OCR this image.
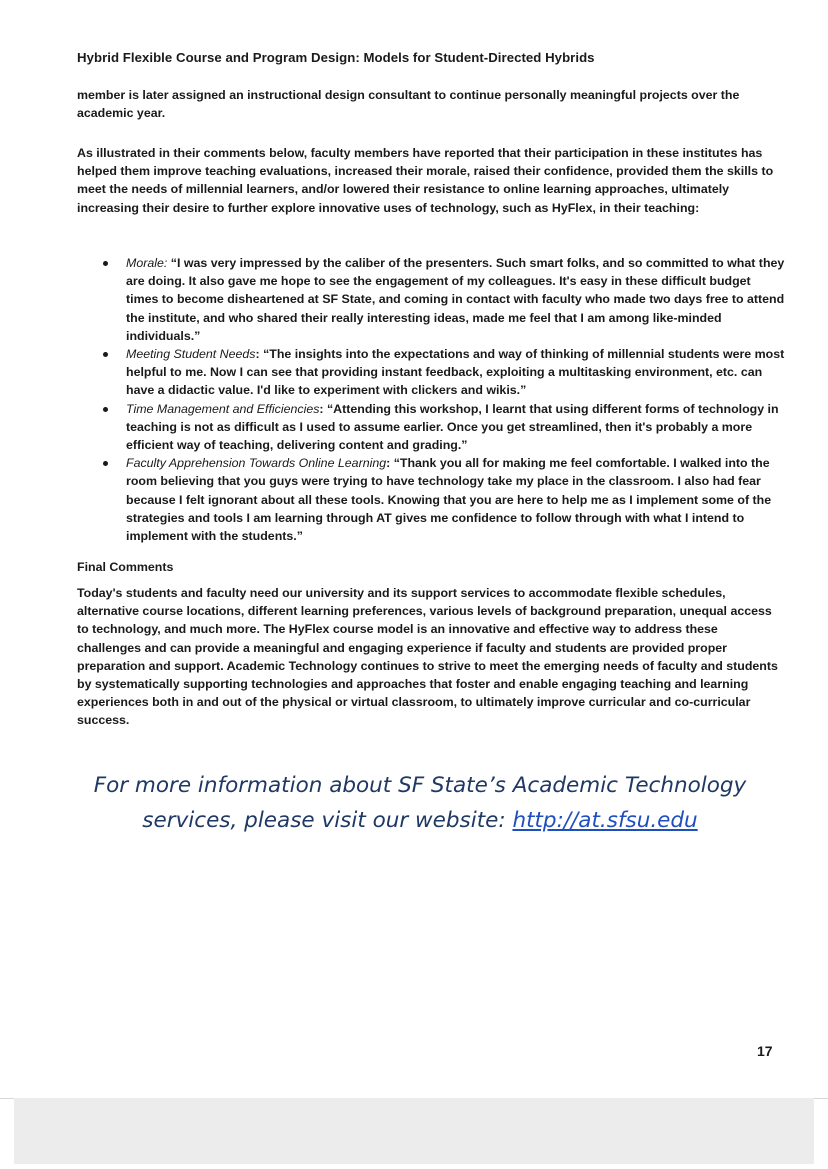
Hybrid Flexible Course and Program Design: Models for Student-Directed Hybrids
member is later assigned an instructional design consultant to continue personally meaningful projects over the academic year.
As illustrated in their comments below, faculty members have reported that their participation in these institutes has helped them improve teaching evaluations, increased their morale, raised their confidence, provided them the skills to meet the needs of millennial learners, and/or lowered their resistance to online learning approaches, ultimately increasing their desire to further explore innovative uses of technology, such as HyFlex, in their teaching:
Morale: “I was very impressed by the caliber of the presenters. Such smart folks, and so committed to what they are doing. It also gave me hope to see the engagement of my colleagues. It's easy in these difficult budget times to become disheartened at SF State, and coming in contact with faculty who made two days free to attend the institute, and who shared their really interesting ideas, made me feel that I am among like-minded individuals.”
Meeting Student Needs: “The insights into the expectations and way of thinking of millennial students were most helpful to me. Now I can see that providing instant feedback, exploiting a multitasking environment, etc. can have a didactic value. I'd like to experiment with clickers and wikis.”
Time Management and Efficiencies: “Attending this workshop, I learnt that using different forms of technology in teaching is not as difficult as I used to assume earlier. Once you get streamlined, then it's probably a more efficient way of teaching, delivering content and grading.”
Faculty Apprehension Towards Online Learning: “Thank you all for making me feel comfortable. I walked into the room believing that you guys were trying to have technology take my place in the classroom. I also had fear because I felt ignorant about all these tools. Knowing that you are here to help me as I implement some of the strategies and tools I am learning through AT gives me confidence to follow through with what I intend to implement with the students.”
Final Comments
Today's students and faculty need our university and its support services to accommodate flexible schedules, alternative course locations, different learning preferences, various levels of background preparation, unequal access to technology, and much more. The HyFlex course model is an innovative and effective way to address these challenges and can provide a meaningful and engaging experience if faculty and students are provided proper preparation and support. Academic Technology continues to strive to meet the emerging needs of faculty and students by systematically supporting technologies and approaches that foster and enable engaging teaching and learning experiences both in and out of the physical or virtual classroom, to ultimately improve curricular and co-curricular success.
For more information about SF State’s Academic Technology
services, please visit our website: http://at.sfsu.edu
17
